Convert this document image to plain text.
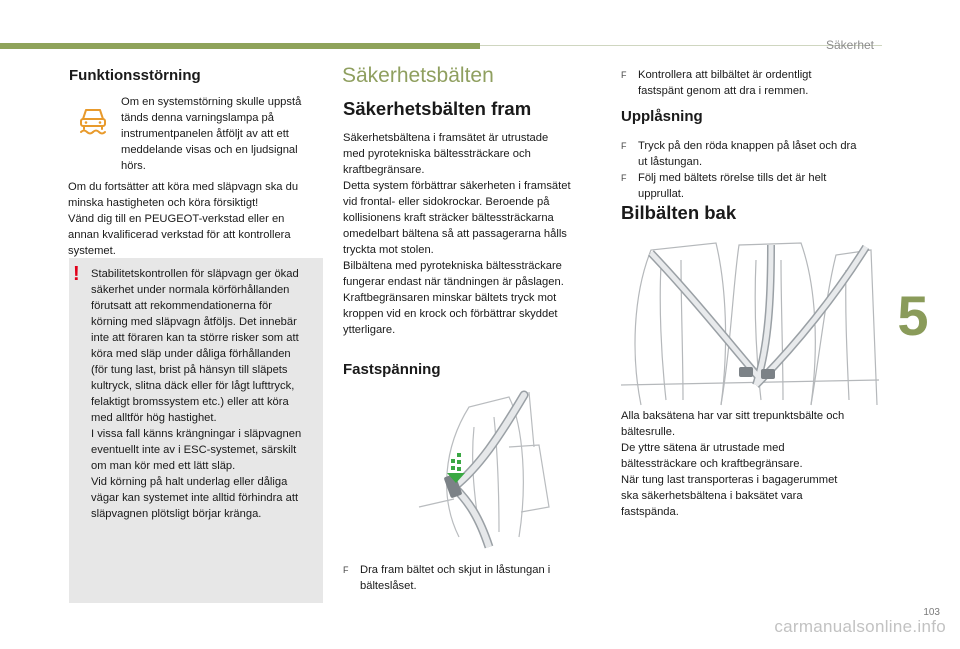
Säkerhet
5
Funktionsstörning
Om en systemstörning skulle uppstå
tänds denna varningslampa på
instrumentpanelen åtföljt av att ett
meddelande visas och en ljudsignal
hörs.
Om du fortsätter att köra med släpvagn ska du
minska hastigheten och köra försiktigt!
Vänd dig till en PEUGEOT-verkstad eller en
annan kvalificerad verkstad för att kontrollera
systemet.
! Stabilitetskontrollen för släpvagn ger ökad
säkerhet under normala körförhållanden
förutsatt att rekommendationerna för
körning med släpvagn åtföljs. Det innebär
inte att föraren kan ta större risker som att
köra med släp under dåliga förhållanden
(för tung last, brist på hänsyn till släpets
kultryck, slitna däck eller för lågt lufttryck,
felaktigt bromssystem etc.) eller att köra
med alltför hög hastighet.
I vissa fall känns krängningar i släpvagnen
eventuellt inte av i ESC-systemet, särskilt
om man kör med ett lätt släp.
Vid körning på halt underlag eller dåliga
vägar kan systemet inte alltid förhindra att
släpvagnen plötsligt börjar kränga.
Säkerhetsbälten
Säkerhetsbälten fram
Säkerhetsbältena i framsätet är utrustade
med pyrotekniska bältessträckare och
kraftbegränsare.
Detta system förbättrar säkerheten i framsätet
vid frontal- eller sidokrockar. Beroende på
kollisionens kraft sträcker bältessträckarna
omedelbart bältena så att passagerarna hålls
tryckta mot stolen.
Bilbältena med pyrotekniska bältessträckare
fungerar endast när tändningen är påslagen.
Kraftbegränsaren minskar bältets tryck mot
kroppen vid en krock och förbättrar skyddet
ytterligare.
Fastspänning
F Dra fram bältet och skjut in låstungan i
bälteslåset.
F Kontrollera att bilbältet är ordentligt
fastspänt genom att dra i remmen.
Upplåsning
F Tryck på den röda knappen på låset och dra
ut låstungan.
F Följ med bältets rörelse tills det är helt
upprullat.
Bilbälten bak
Alla baksätena har var sitt trepunktsbälte och
bältesrulle.
De yttre sätena är utrustade med
bältessträckare och kraftbegränsare.
När tung last transporteras i bagagerummet
ska säkerhetsbältena i baksätet vara
fastspända.
103
carmanualsonline.info
